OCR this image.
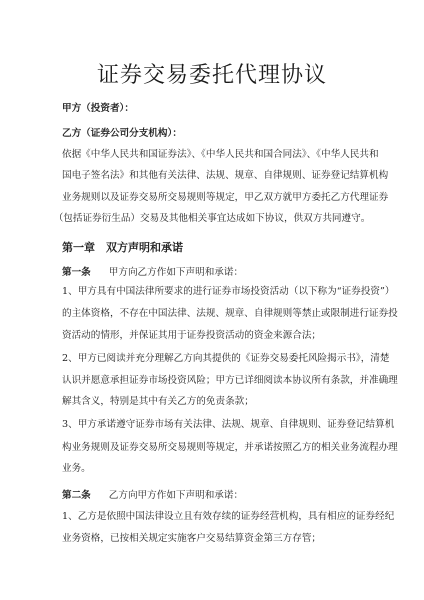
证券交易委托代理协议
甲方（投资者）：
乙方（证券公司分支机构）：
依据《中华人民共和国证券法》、《中华人民共和国合同法》、《中华人民共和
国电子签名法》和其他有关法律、法规、规章、自律规则、证券登记结算机构
业务规则以及证券交易所交易规则等规定，甲乙双方就甲方委托乙方代理证券
（包括证券衍生品）交易及其他相关事宜达成如下协议，供双方共同遵守。
第一章　双方声明和承诺
第一条 甲方向乙方作如下声明和承诺：
1、甲方具有中国法律所要求的进行证券市场投资活动（以下称为“证券投资”）
的主体资格，不存在中国法律、法规、规章、自律规则等禁止或限制进行证券投
资活动的情形，并保证其用于证券投资活动的资金来源合法；
2、甲方已阅读并充分理解乙方向其提供的《证券交易委托风险揭示书》，清楚
认识并愿意承担证券市场投资风险；甲方已详细阅读本协议所有条款，并准确理
解其含义，特别是其中有关乙方的免责条款；
3、甲方承诺遵守证券市场有关法律、法规、规章、自律规则、证券登记结算机
构业务规则及证券交易所交易规则等规定，并承诺按照乙方的相关业务流程办理
业务。
第二条 乙方向甲方作如下声明和承诺：
1、乙方是依照中国法律设立且有效存续的证券经营机构，具有相应的证券经纪
业务资格，已按相关规定实施客户交易结算资金第三方存管；
